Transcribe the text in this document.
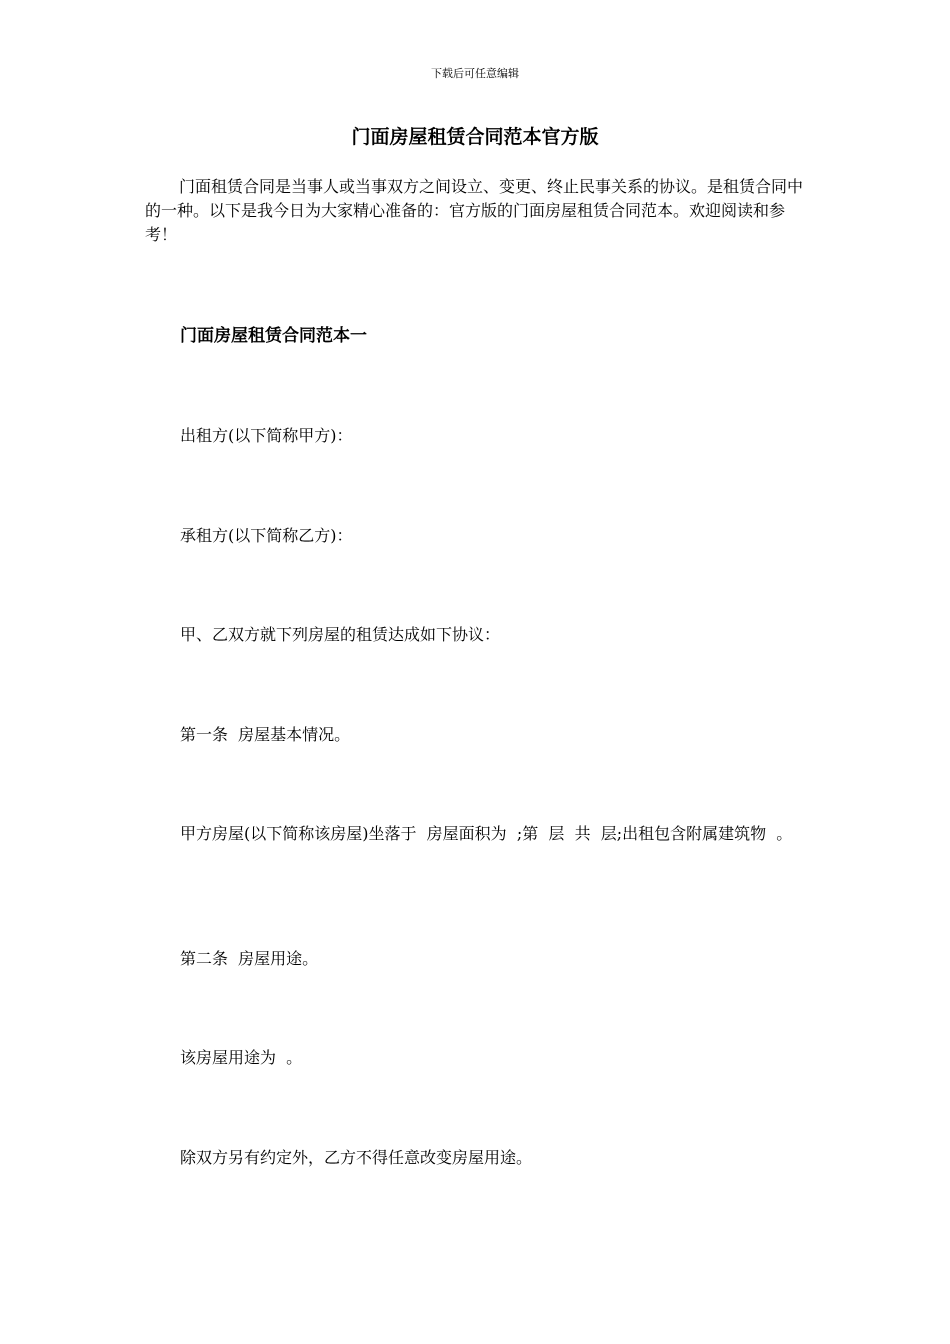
下载后可任意编辑
门面房屋租赁合同范本官方版

门面租赁合同是当事人或当事双方之间设立、变更、终止民事关系的协议。是租赁合同中的一种。以下是我今日为大家精心准备的：官方版的门面房屋租赁合同范本。欢迎阅读和参考！

门面房屋租赁合同范本一

出租方(以下简称甲方)：

承租方(以下简称乙方)：

甲、乙双方就下列房屋的租赁达成如下协议：

第一条  房屋基本情况。

甲方房屋(以下简称该房屋)坐落于  房屋面积为  ;第  层  共  层;出租包含附属建筑物  。

第二条  房屋用途。

该房屋用途为  。

除双方另有约定外，乙方不得任意改变房屋用途。
